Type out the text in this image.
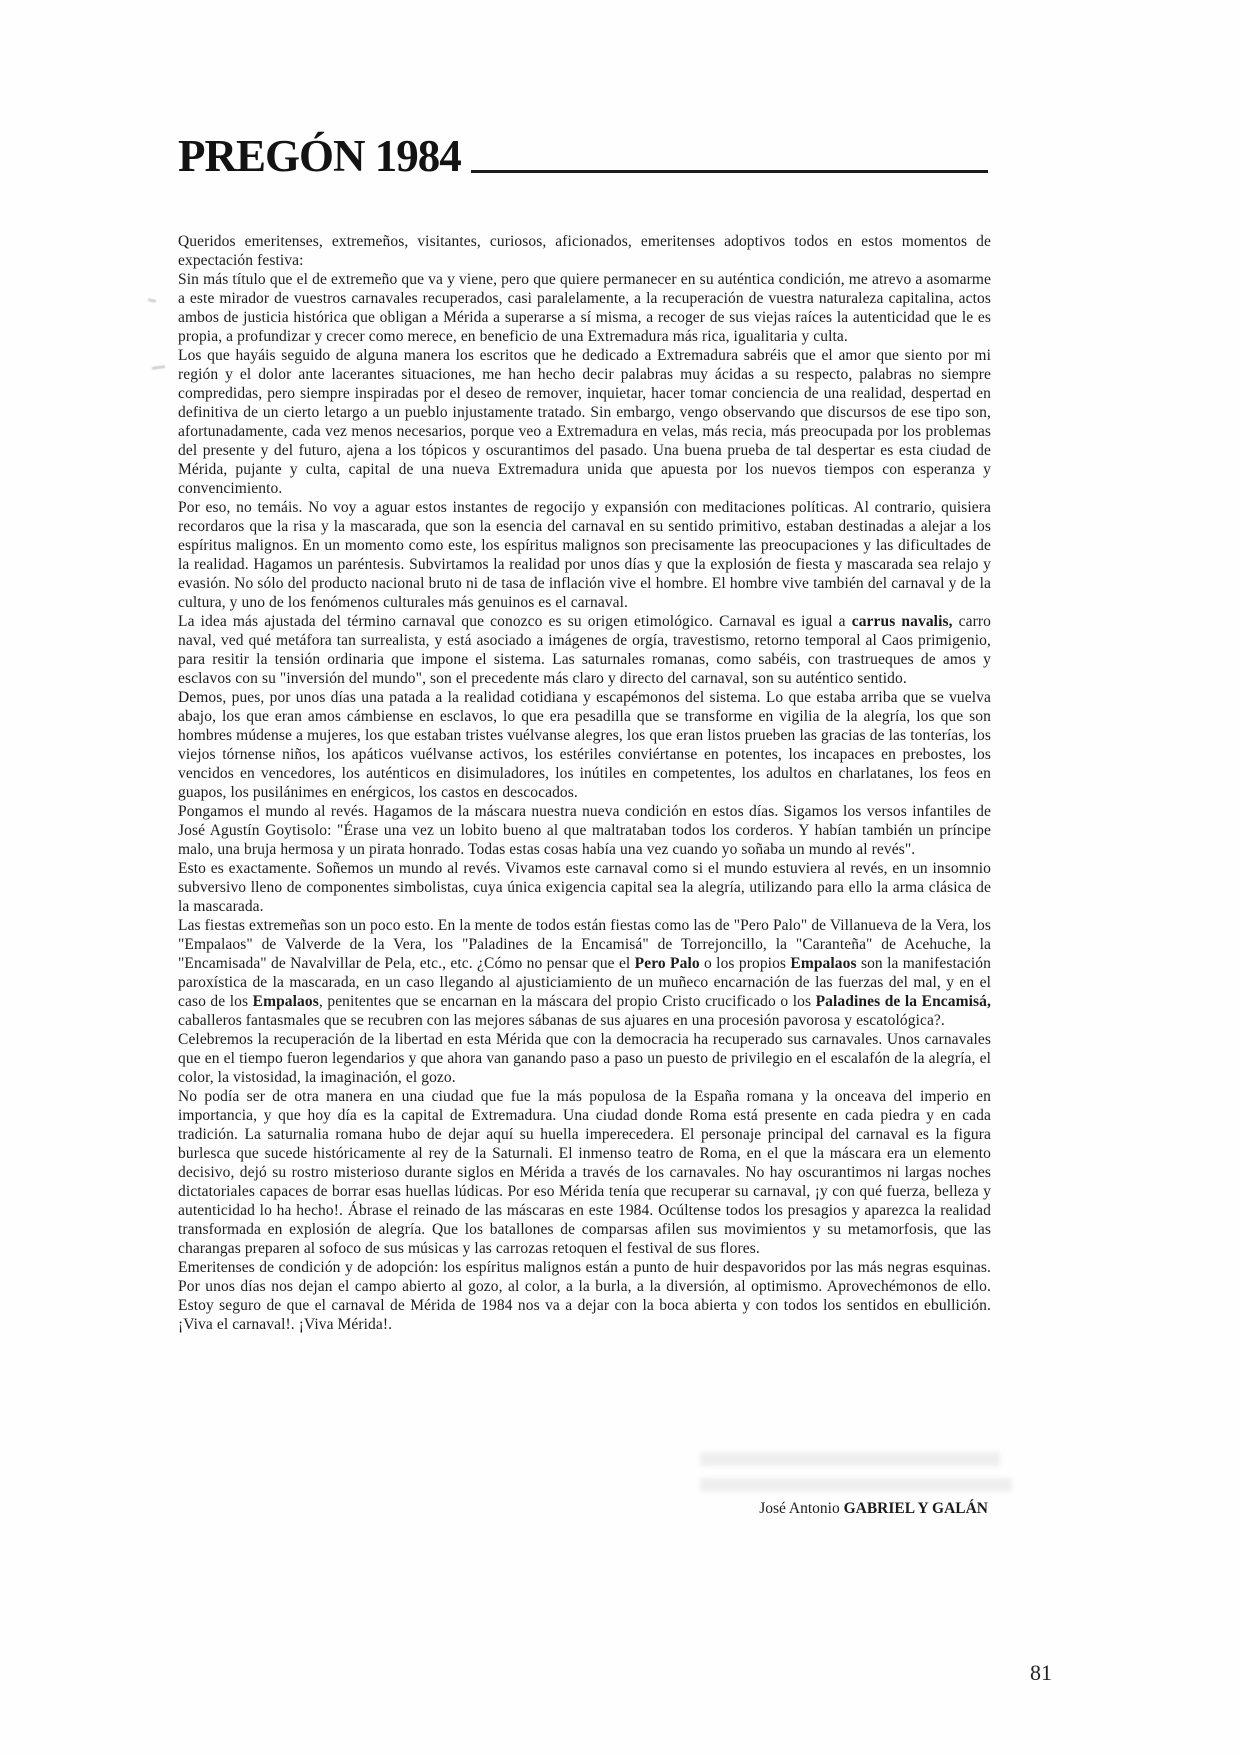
PREGÓN 1984

Queridos emeritenses, extremeños, visitantes, curiosos, aficionados, emeritenses adoptivos todos en estos momentos de expectación festiva:

Sin más título que el de extremeño que va y viene, pero que quiere permanecer en su auténtica condición, me atrevo a asomarme a este mirador de vuestros carnavales recuperados, casi paralelamente, a la recuperación de vuestra naturaleza capitalina, actos ambos de justicia histórica que obligan a Mérida a superarse a sí misma, a recoger de sus viejas raíces la autenticidad que le es propia, a profundizar y crecer como merece, en beneficio de una Extremadura más rica, igualitaria y culta.

Los que hayáis seguido de alguna manera los escritos que he dedicado a Extremadura sabréis que el amor que siento por mi región y el dolor ante lacerantes situaciones, me han hecho decir palabras muy ácidas a su respecto, palabras no siempre compredidas, pero siempre inspiradas por el deseo de remover, inquietar, hacer tomar conciencia de una realidad, despertad en definitiva de un cierto letargo a un pueblo injustamente tratado. Sin embargo, vengo observando que discursos de ese tipo son, afortunadamente, cada vez menos necesarios, porque veo a Extremadura en velas, más recia, más preocupada por los problemas del presente y del futuro, ajena a los tópicos y oscurantimos del pasado. Una buena prueba de tal despertar es esta ciudad de Mérida, pujante y culta, capital de una nueva Extremadura unida que apuesta por los nuevos tiempos con esperanza y convencimiento.

Por eso, no temáis. No voy a aguar estos instantes de regocijo y expansión con meditaciones políticas. Al contrario, quisiera recordaros que la risa y la mascarada, que son la esencia del carnaval en su sentido primitivo, estaban destinadas a alejar a los espíritus malignos. En un momento como este, los espíritus malignos son precisamente las preocupaciones y las dificultades de la realidad. Hagamos un paréntesis. Subvirtamos la realidad por unos días y que la explosión de fiesta y mascarada sea relajo y evasión. No sólo del producto nacional bruto ni de tasa de inflación vive el hombre. El hombre vive también del carnaval y de la cultura, y uno de los fenómenos culturales más genuinos es el carnaval.

La idea más ajustada del término carnaval que conozco es su origen etimológico. Carnaval es igual a carrus navalis, carro naval, ved qué metáfora tan surrealista, y está asociado a imágenes de orgía, travestismo, retorno temporal al Caos primigenio, para resitir la tensión ordinaria que impone el sistema. Las saturnales romanas, como sabéis, con trastrueques de amos y esclavos con su "inversión del mundo", son el precedente más claro y directo del carnaval, son su auténtico sentido.

Demos, pues, por unos días una patada a la realidad cotidiana y escapémonos del sistema. Lo que estaba arriba que se vuelva abajo, los que eran amos cámbiense en esclavos, lo que era pesadilla que se transforme en vigilia de la alegría, los que son hombres múdense a mujeres, los que estaban tristes vuélvanse alegres, los que eran listos prueben las gracias de las tonterías, los viejos tórnense niños, los apáticos vuélvanse activos, los estériles conviértanse en potentes, los incapaces en prebostes, los vencidos en vencedores, los auténticos en disimuladores, los inútiles en competentes, los adultos en charlatanes, los feos en guapos, los pusilánimes en enérgicos, los castos en descocados.

Pongamos el mundo al revés. Hagamos de la máscara nuestra nueva condición en estos días. Sigamos los versos infantiles de José Agustín Goytisolo: "Érase una vez un lobito bueno al que maltrataban todos los corderos. Y habían también un príncipe malo, una bruja hermosa y un pirata honrado. Todas estas cosas había una vez cuando yo soñaba un mundo al revés".

Esto es exactamente. Soñemos un mundo al revés. Vivamos este carnaval como si el mundo estuviera al revés, en un insomnio subversivo lleno de componentes simbolistas, cuya única exigencia capital sea la alegría, utilizando para ello la arma clásica de la mascarada.

Las fiestas extremeñas son un poco esto. En la mente de todos están fiestas como las de "Pero Palo" de Villanueva de la Vera, los "Empalaos" de Valverde de la Vera, los "Paladines de la Encamisá" de Torrejoncillo, la "Caranteña" de Acehuche, la "Encamisada" de Navalvillar de Pela, etc., etc. ¿Cómo no pensar que el Pero Palo o los propios Empalaos son la manifestación paroxística de la mascarada, en un caso llegando al ajusticiamiento de un muñeco encarnación de las fuerzas del mal, y en el caso de los Empalaos, penitentes que se encarnan en la máscara del propio Cristo crucificado o los Paladines de la Encamisá, caballeros fantasmales que se recubren con las mejores sábanas de sus ajuares en una procesión pavorosa y escatológica?.

Celebremos la recuperación de la libertad en esta Mérida que con la democracia ha recuperado sus carnavales. Unos carnavales que en el tiempo fueron legendarios y que ahora van ganando paso a paso un puesto de privilegio en el escalafón de la alegría, el color, la vistosidad, la imaginación, el gozo.

No podía ser de otra manera en una ciudad que fue la más populosa de la España romana y la onceava del imperio en importancia, y que hoy día es la capital de Extremadura. Una ciudad donde Roma está presente en cada piedra y en cada tradición. La saturnalia romana hubo de dejar aquí su huella imperecedera. El personaje principal del carnaval es la figura burlesca que sucede históricamente al rey de la Saturnali. El inmenso teatro de Roma, en el que la máscara era un elemento decisivo, dejó su rostro misterioso durante siglos en Mérida a través de los carnavales. No hay oscurantimos ni largas noches dictatoriales capaces de borrar esas huellas lúdicas. Por eso Mérida tenía que recuperar su carnaval, ¡y con qué fuerza, belleza y autenticidad lo ha hecho!. Ábrase el reinado de las máscaras en este 1984. Ocúltense todos los presagios y aparezca la realidad transformada en explosión de alegría. Que los batallones de comparsas afilen sus movimientos y su metamorfosis, que las charangas preparen al sofoco de sus músicas y las carrozas retoquen el festival de sus flores.

Emeritenses de condición y de adopción: los espíritus malignos están a punto de huir despavoridos por las más negras esquinas. Por unos días nos dejan el campo abierto al gozo, al color, a la burla, a la diversión, al optimismo. Aprovechémonos de ello. Estoy seguro de que el carnaval de Mérida de 1984 nos va a dejar con la boca abierta y con todos los sentidos en ebullición. ¡Viva el carnaval!. ¡Viva Mérida!.

José Antonio GABRIEL Y GALÁN
81
